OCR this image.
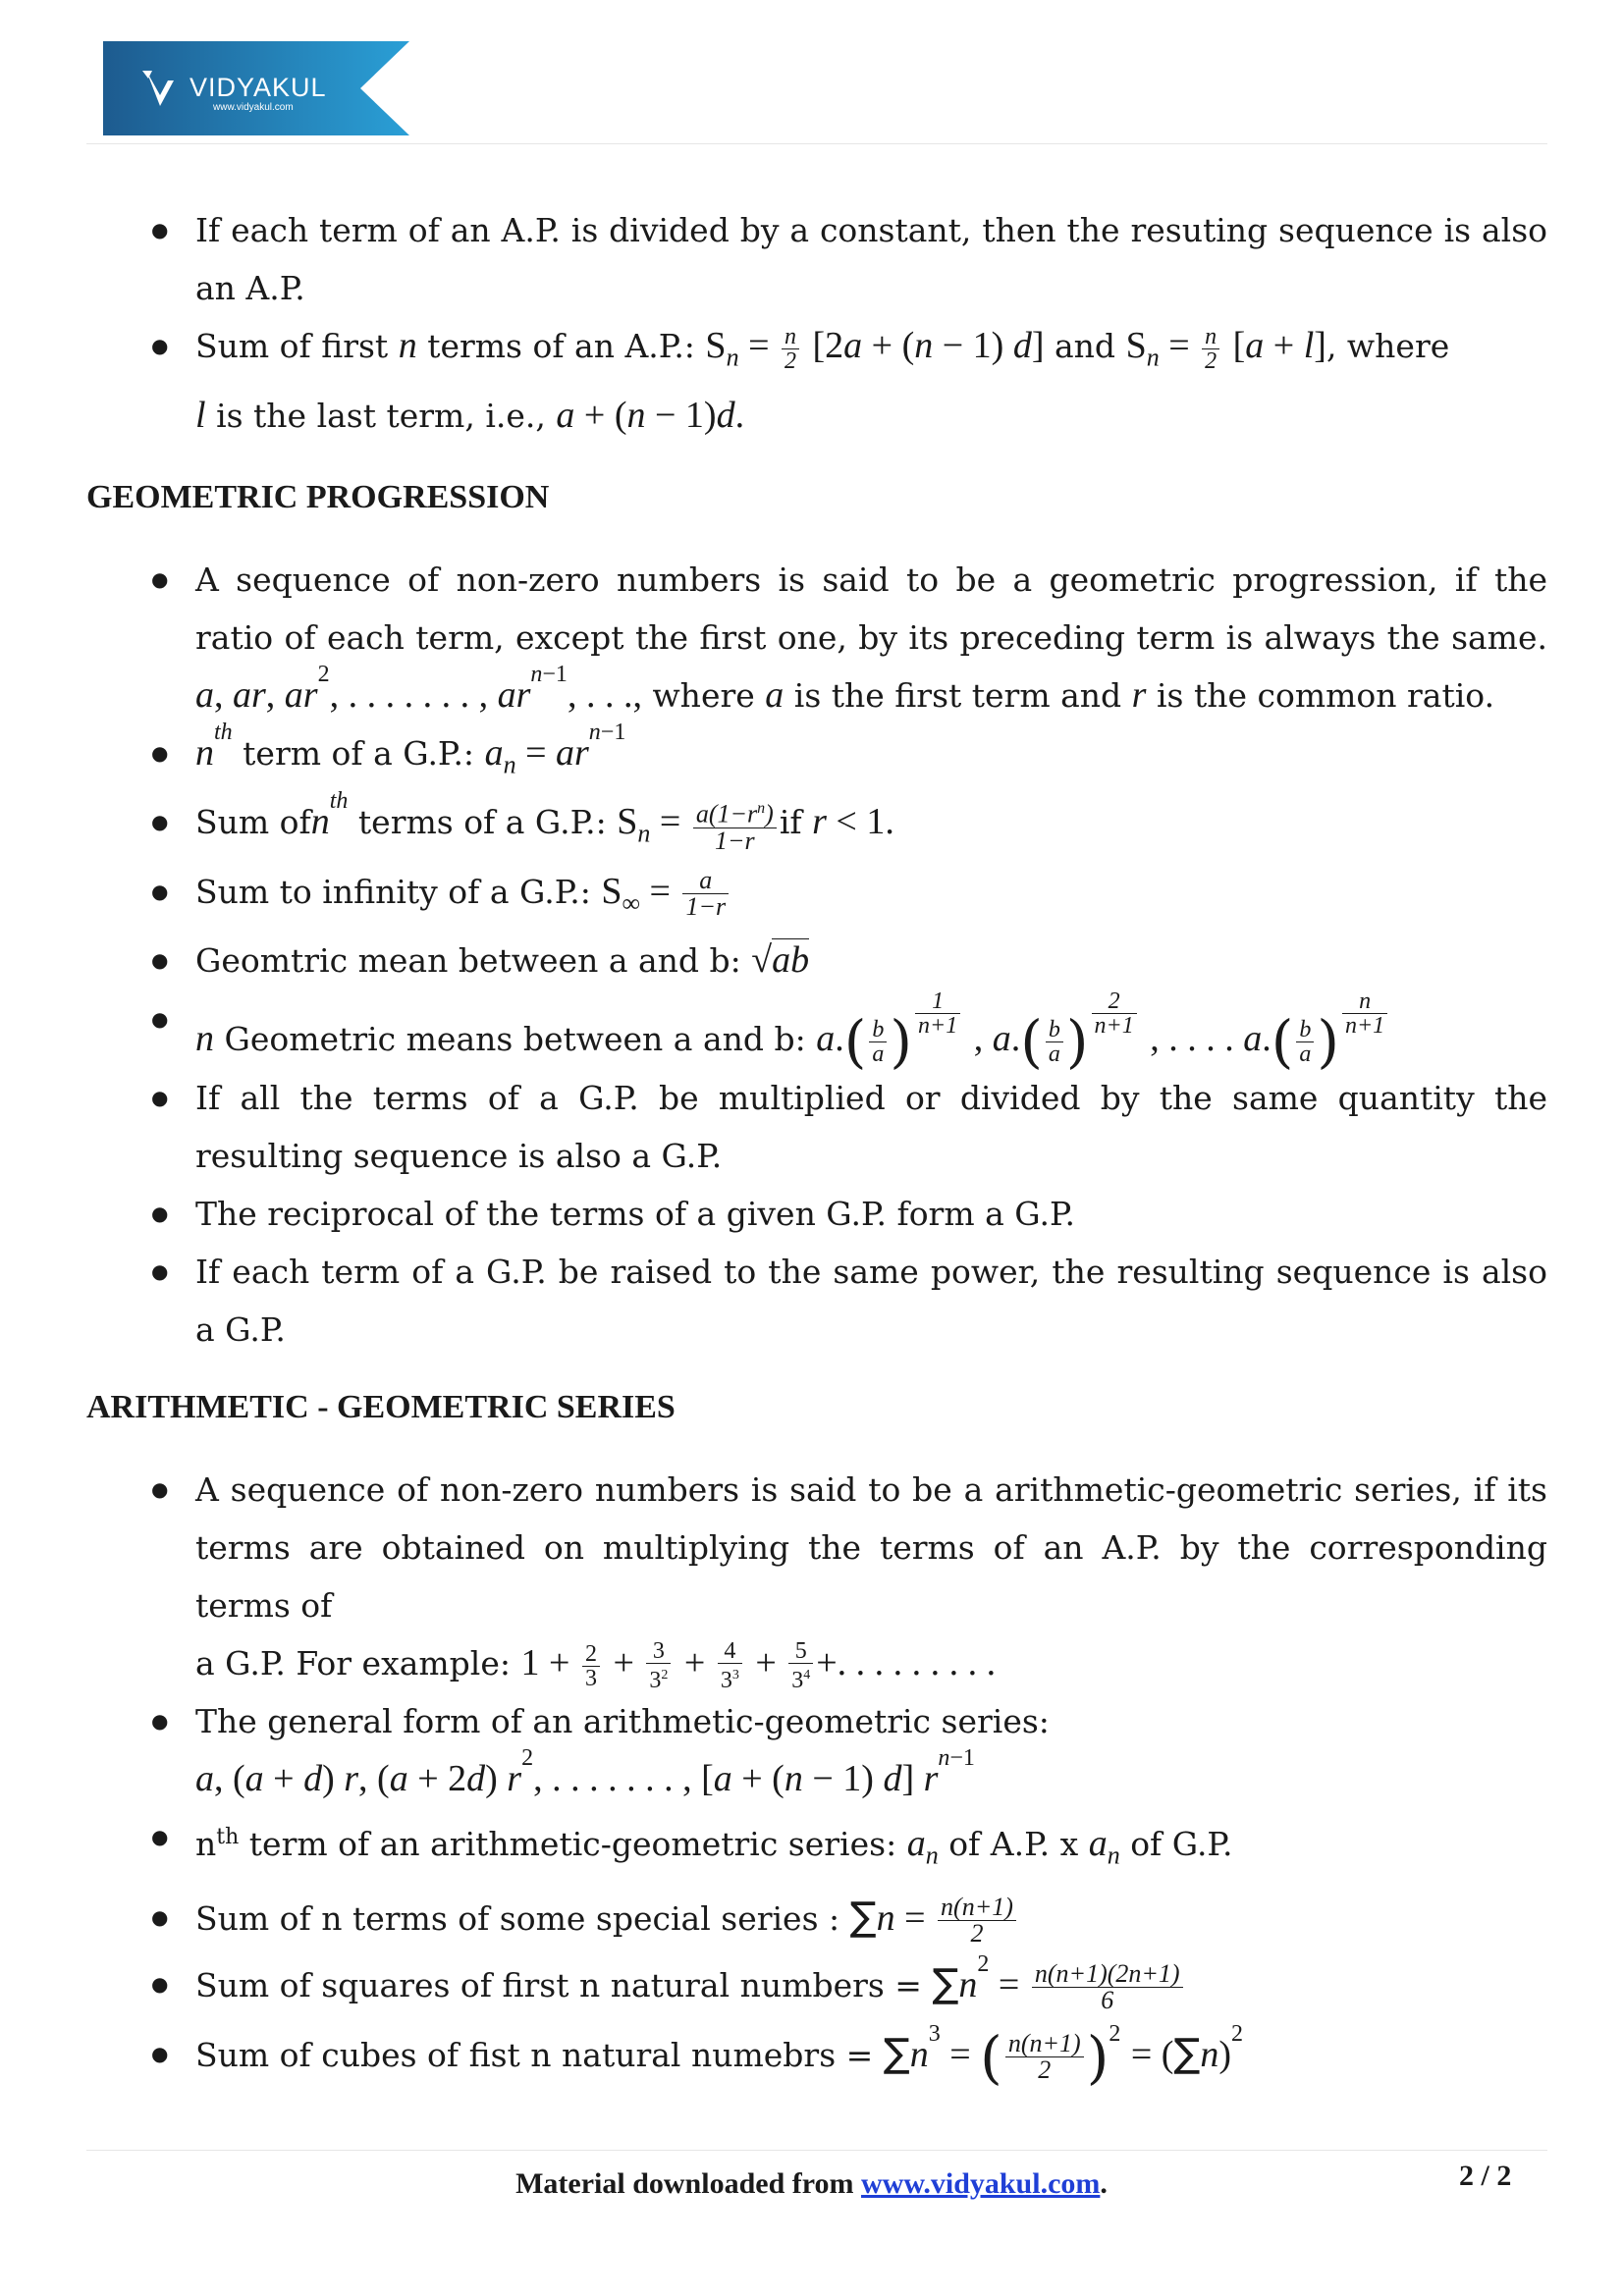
VIDYAKUL
www.vidyakul.com
● If each term of an A.P. is divided by a constant, then the resuting sequence is also an A.P.
● Sum of first n terms of an A.P.: $S_n = \frac{n}{2} [2a + (n - 1)$ d] and $S_n = \frac{n}{2} [a + l]$, where
l is the last term, i.e., a + (n − 1)d.
GEOMETRIC PROGRESSION
● A sequence of non-zero numbers is said to be a geometric progression, if the ratio of each term, except the first one, by its preceding term is always the same. a, ar, $ar^2$, . . . . . . . , $ar^{n-1}$, . . ., where a is the first term and r is the common ratio.
● $n^{th}$ term of a G.P.: $a_n = ar^{n-1}$
● Sum ofn$^{th}$ terms of a G.P.: $S_n = \frac{a(1-r^n)}{1-r}$ if r < 1.
● Sum to infinity of a G.P.: $S_\infty = \frac{a}{1-r}$
● Geomtric mean between a and b: √ab
● n Geometric means between a and b: $a.( \frac{b}{a}$ ) $\frac{1}{n+1}$
, $a.( \frac{b}{a}$ ) $\frac{2}{n+1}$
, . . . . $a.( \frac{b}{a}$ ) $\frac{n}{n+1}$
● If all the terms of a G.P. be multiplied or divided by the same quantity the resulting sequence is also a G.P.
● The reciprocal of the terms of a given G.P. form a G.P.
● If each term of a G.P. be raised to the same power, the resulting sequence is also a G.P.
ARITHMETIC - GEOMETRIC SERIES
● A sequence of non-zero numbers is said to be a arithmetic-geometric series, if its terms are obtained on multiplying the terms of an A.P. by the corresponding terms of
a G.P. For example: $1 + \frac{2}{3} + \frac{3}{3^2} + \frac{4}{3^3} + \frac{5}{3^4}$ +. . . . . . . . .
● The general form of an arithmetic-geometric series:
a, (a + d) r, (a + 2d) $r^2$, . . . . . . . , [a + (n − 1) d] $r^{n-1}$
● $n^{th}$ term of an arithmetic-geometric series: $a_n$ of A.P. x $a_n$ of G.P.
● Sum of n terms of some special series : $\sum n = \frac{n(n+1)}{2}$
● Sum of squares of first n natural numbers = $\sum n^2 = \frac{n(n+1)(2n+1)}{6}$
● Sum of cubes of fist n natural numebrs = $\sum n^3$ = ( $\frac{n(n+1)}{2} )^2 = (\sum n)^2$
Material downloaded from www.vidyakul.com.	2 / 2
